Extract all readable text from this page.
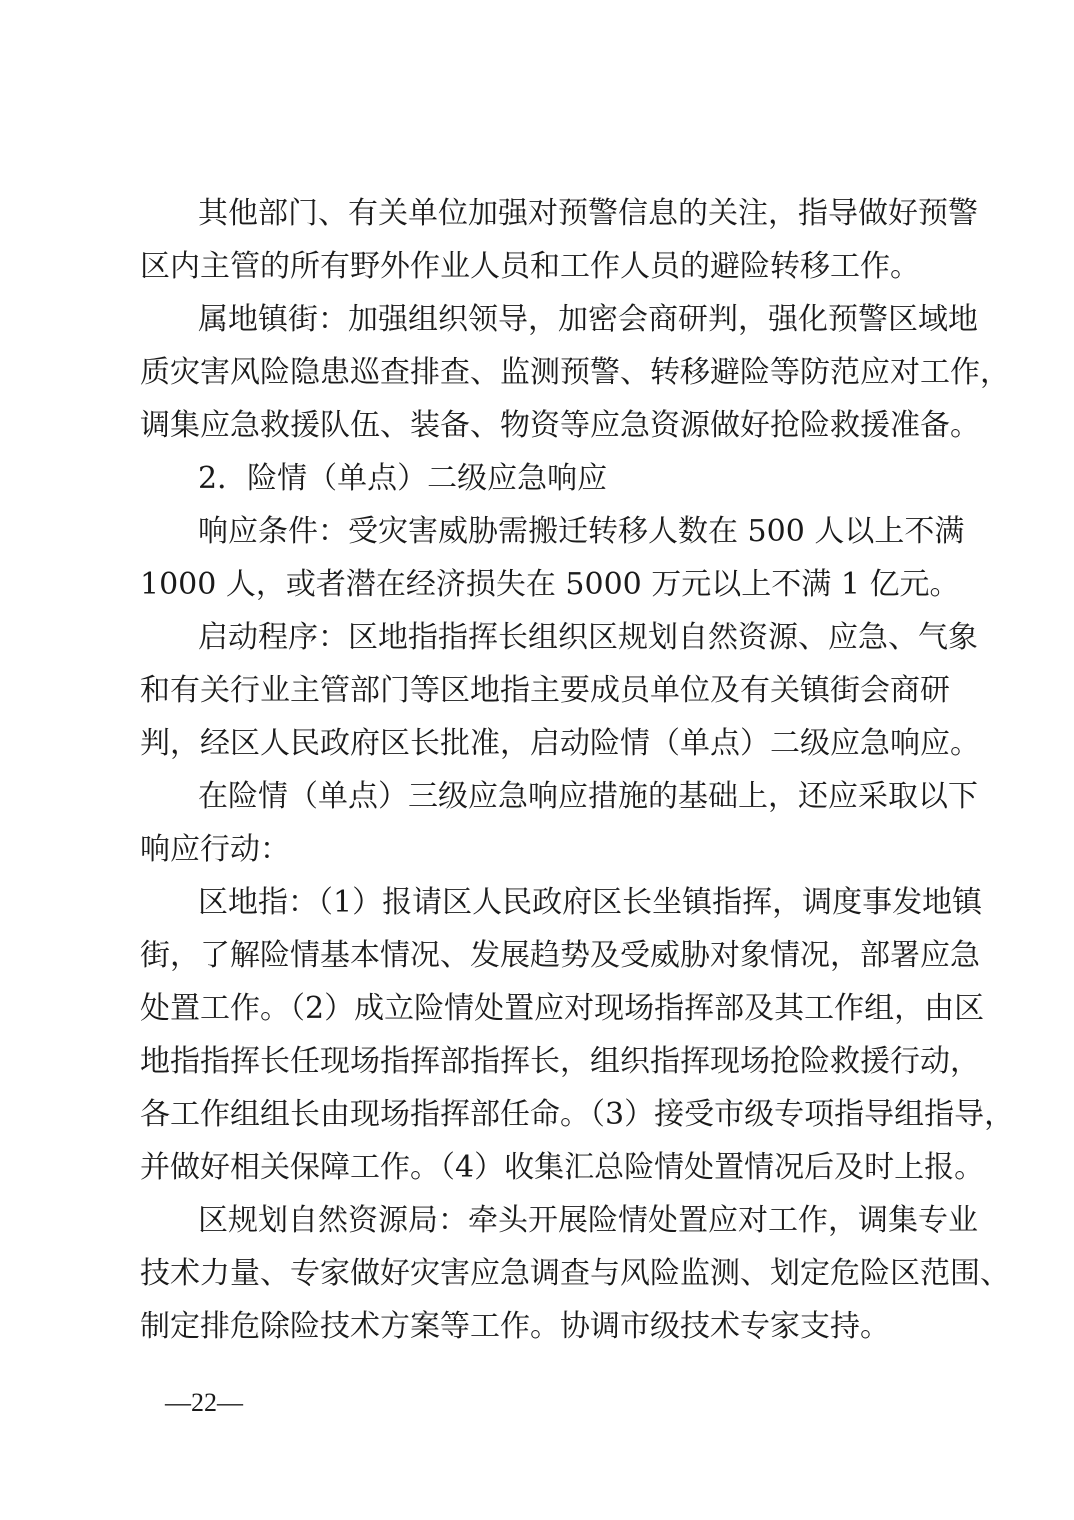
其他部门、有关单位加强对预警信息的关注，指导做好预警
区内主管的所有野外作业人员和工作人员的避险转移工作。
属地镇街：加强组织领导，加密会商研判，强化预警区域地
质灾害风险隐患巡查排查、监测预警、转移避险等防范应对工作，
调集应急救援队伍、装备、物资等应急资源做好抢险救援准备。
2．险情（单点）二级应急响应
响应条件：受灾害威胁需搬迁转移人数在 500 人以上不满
1000 人，或者潜在经济损失在 5000 万元以上不满 1 亿元。
启动程序：区地指指挥长组织区规划自然资源、应急、气象
和有关行业主管部门等区地指主要成员单位及有关镇街会商研
判，经区人民政府区长批准，启动险情（单点）二级应急响应。
在险情（单点）三级应急响应措施的基础上，还应采取以下
响应行动：
区地指：（1）报请区人民政府区长坐镇指挥，调度事发地镇
街，了解险情基本情况、发展趋势及受威胁对象情况，部署应急
处置工作。（2）成立险情处置应对现场指挥部及其工作组，由区
地指指挥长任现场指挥部指挥长，组织指挥现场抢险救援行动，
各工作组组长由现场指挥部任命。（3）接受市级专项指导组指导，
并做好相关保障工作。（4）收集汇总险情处置情况后及时上报。
区规划自然资源局：牵头开展险情处置应对工作，调集专业
技术力量、专家做好灾害应急调查与风险监测、划定危险区范围、
制定排危除险技术方案等工作。协调市级技术专家支持。
—22—
